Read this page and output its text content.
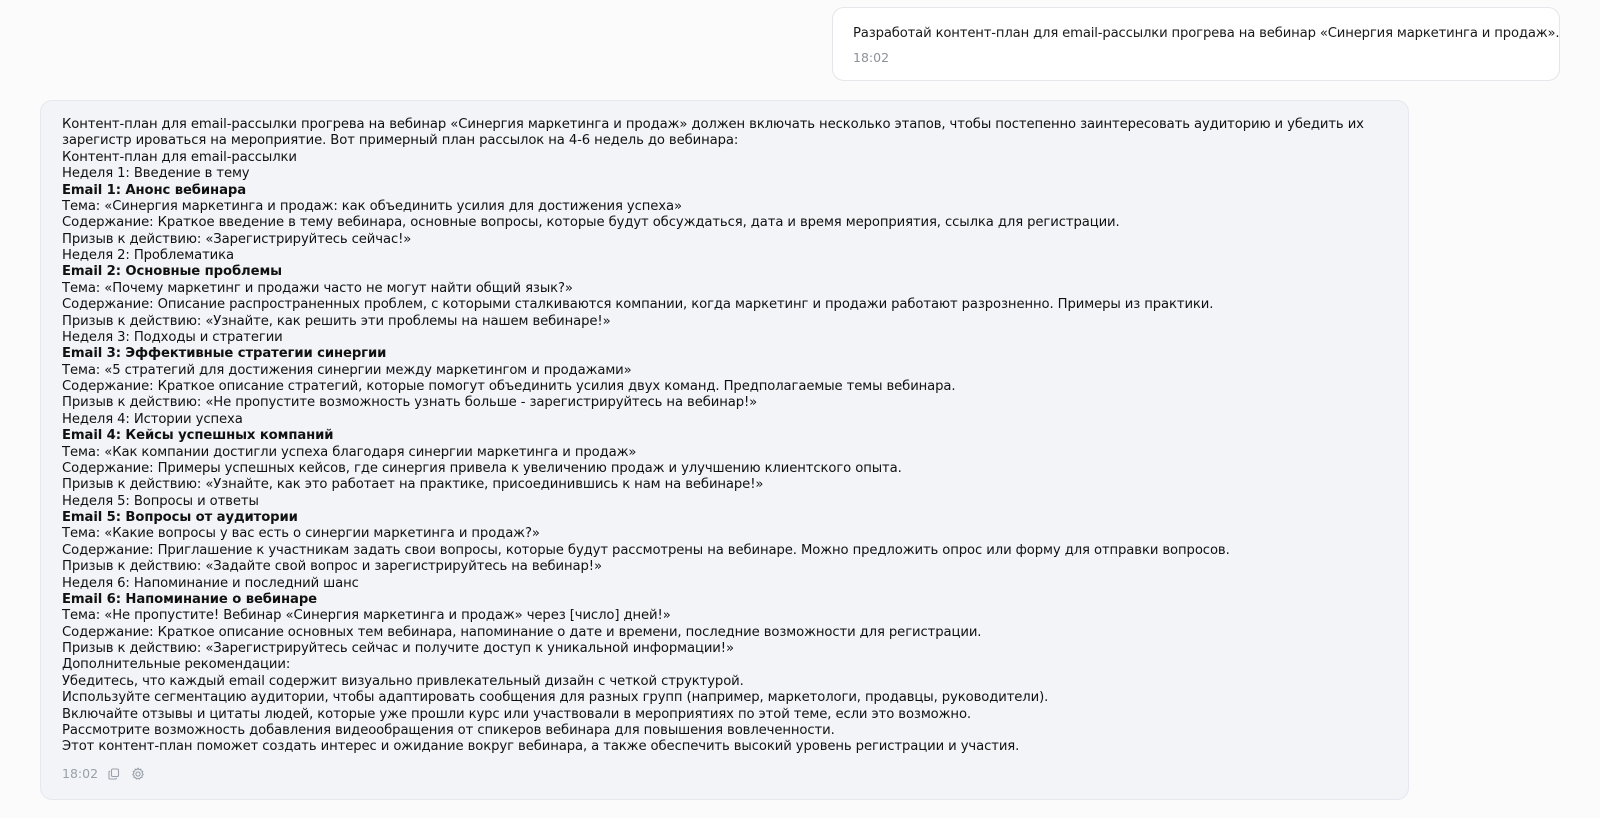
Разработай контент-план для email-рассылки прогрева на вебинар «Синергия маркетинга и продаж».
18:02
Контент-план для email-рассылки прогрева на вебинар «Синергия маркетинга и продаж» должен включать несколько этапов, чтобы постепенно заинтересовать аудиторию и убедить их зарегистр ироваться на мероприятие. Вот примерный план рассылок на 4-6 недель до вебинара:
Контент-план для email-рассылки
Неделя 1: Введение в тему
Email 1: Анонс вебинара
Тема: «Синергия маркетинга и продаж: как объединить усилия для достижения успеха»
Содержание: Краткое введение в тему вебинара, основные вопросы, которые будут обсуждаться, дата и время мероприятия, ссылка для регистрации.
Призыв к действию: «Зарегистрируйтесь сейчас!»
Неделя 2: Проблематика
Email 2: Основные проблемы
Тема: «Почему маркетинг и продажи часто не могут найти общий язык?»
Содержание: Описание распространенных проблем, с которыми сталкиваются компании, когда маркетинг и продажи работают разрозненно. Примеры из практики.
Призыв к действию: «Узнайте, как решить эти проблемы на нашем вебинаре!»
Неделя 3: Подходы и стратегии
Email 3: Эффективные стратегии синергии
Тема: «5 стратегий для достижения синергии между маркетингом и продажами»
Содержание: Краткое описание стратегий, которые помогут объединить усилия двух команд. Предполагаемые темы вебинара.
Призыв к действию: «Не пропустите возможность узнать больше - зарегистрируйтесь на вебинар!»
Неделя 4: Истории успеха
Email 4: Кейсы успешных компаний
Тема: «Как компании достигли успеха благодаря синергии маркетинга и продаж»
Содержание: Примеры успешных кейсов, где синергия привела к увеличению продаж и улучшению клиентского опыта.
Призыв к действию: «Узнайте, как это работает на практике, присоединившись к нам на вебинаре!»
Неделя 5: Вопросы и ответы
Email 5: Вопросы от аудитории
Тема: «Какие вопросы у вас есть о синергии маркетинга и продаж?»
Содержание: Приглашение к участникам задать свои вопросы, которые будут рассмотрены на вебинаре. Можно предложить опрос или форму для отправки вопросов.
Призыв к действию: «Задайте свой вопрос и зарегистрируйтесь на вебинар!»
Неделя 6: Напоминание и последний шанс
Email 6: Напоминание о вебинаре
Тема: «Не пропустите! Вебинар «Синергия маркетинга и продаж» через [число] дней!»
Содержание: Краткое описание основных тем вебинара, напоминание о дате и времени, последние возможности для регистрации.
Призыв к действию: «Зарегистрируйтесь сейчас и получите доступ к уникальной информации!»
Дополнительные рекомендации:
Убедитесь, что каждый email содержит визуально привлекательный дизайн с четкой структурой.
Используйте сегментацию аудитории, чтобы адаптировать сообщения для разных групп (например, маркетологи, продавцы, руководители).
Включайте отзывы и цитаты людей, которые уже прошли курс или участвовали в мероприятиях по этой теме, если это возможно.
Рассмотрите возможность добавления видеообращения от спикеров вебинара для повышения вовлеченности.
Этот контент-план поможет создать интерес и ожидание вокруг вебинара, а также обеспечить высокий уровень регистрации и участия.
18:02
